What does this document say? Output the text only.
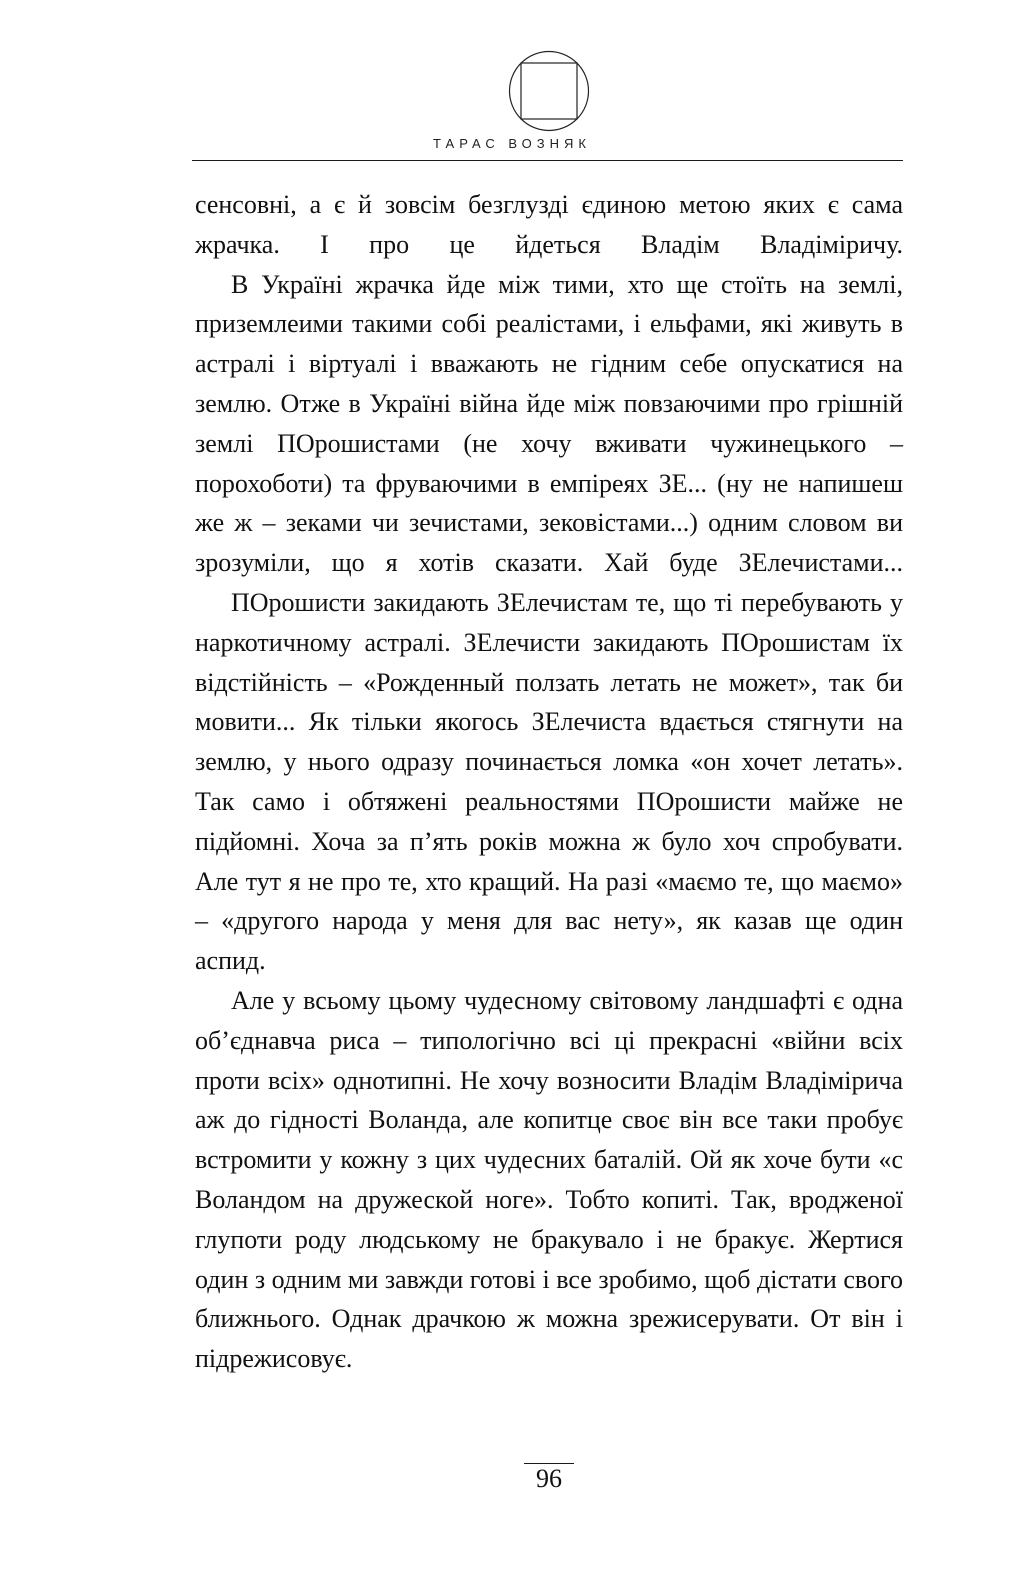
ТАРАС ВОЗНЯК

сенсовні, а є й зовсім безглузді єдиною метою яких є сама жрачка. І про це йдеться Владім Владіміричу.

В Україні жрачка йде між тими, хто ще стоїть на землі, приземлеими такими собі реалістами, і ельфами, які живуть в астралі і віртуалі і вважають не гідним себе опускатися на землю. Отже в Україні війна йде між повзаючими про грішній землі ПОрошистами (не хочу вживати чужинецького – порохоботи) та фруваючими в емпіреях ЗЕ... (ну не напишеш же ж – зеками чи зечистами, зековістами...) одним словом ви зрозуміли, що я хотів сказати. Хай буде ЗЕлечистами...

ПОрошисти закидають ЗЕлечистам те, що ті перебувають у наркотичному астралі. ЗЕлечисти закидають ПОрошистам їх відстійність – «Рожденный ползать летать не может», так би мовити... Як тільки якогось ЗЕлечиста вдається стягнути на землю, у нього одразу починається ломка «он хочет летать». Так само і обтяжені реальностями ПОрошисти майже не підйомні. Хоча за п’ять років можна ж було хоч спробувати. Але тут я не про те, хто кращий. На разі «маємо те, що маємо» – «другого народа у меня для вас нету», як казав ще один аспид.

Але у всьому цьому чудесному світовому ландшафті є одна об’єднавча риса – типологічно всі ці прекрасні «війни всіх проти всіх» однотипні. Не хочу возносити Владім Владімірича аж до гідності Воланда, але копитце своє він все таки пробує встромити у кожну з цих чудесних баталій. Ой як хоче бути «с Воландом на дружеской ноге». Тобто копиті. Так, вродженої глупоти роду людському не бракувало і не бракує. Жертися один з одним ми завжди готові і все зробимо, щоб дістати свого ближнього. Однак драчкою ж можна зрежисерувати. От він і підрежисовує.

96
